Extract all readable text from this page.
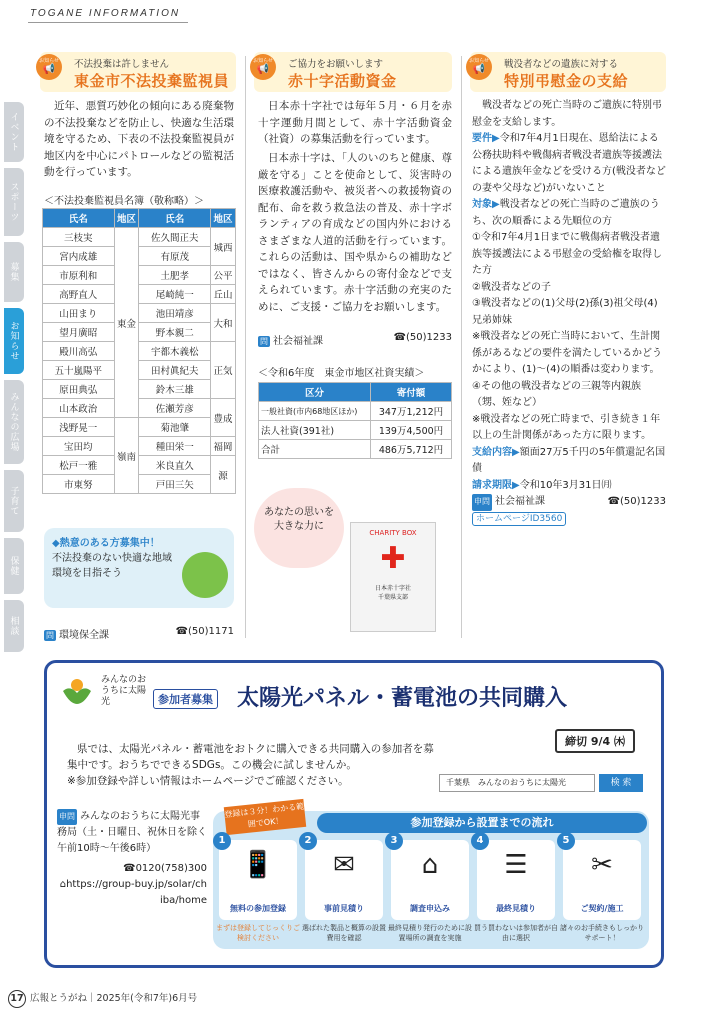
TOGANE INFORMATION
イベント
スポーツ
募集
お知らせ
みんなの広場
子育て
保健
相談
不法投棄は許しません
東金市不法投棄監視員
お知らせ
📢
近年、悪質巧妙化の傾向にある廃棄物の不法投棄などを防止し、快適な生活環境を守るため、下表の不法投棄監視員が地区内を中心にパトロールなどの監視活動を行っています。
＜不法投棄監視員名簿（敬称略）＞
氏名	地区	氏名	地区
三枝実	東金	佐久間正夫	城西
宮内成雄		有原茂	
市原利和		土肥孝	公平
高野直人		尾崎純一	丘山
山田まり		池田靖彦	大和
望月廣昭		野本親二	
殿川高弘		宇都木義松	正気
五十嵐陽平		田村眞紀夫	
原田典弘		鈴木三雄	
山本政治		佐瀬芳彦	豊成
浅野晃一	嶺南	菊池肇	
宝田均		種田栄一	福岡
松戸一雅		米良直久	源
市東努		戸田三矢	
◆熱意のある方募集中！
不法投棄のない快適な地域環境を目指そう
問 環境保全課	☎(50)1171
ご協力をお願いします
赤十字活動資金
お知らせ
📢
日本赤十字社では毎年５月・６月を赤十字運動月間として、赤十字活動資金（社資）の募集活動を行っています。
日本赤十字は、「人のいのちと健康、尊厳を守る」ことを使命として、災害時の医療救護活動や、被災者への救援物資の配布、命を救う救急法の普及、赤十字ボランティアの育成などの国内外におけるさまざまな人道的活動を行っています。これらの活動は、国や県からの補助などではなく、皆さんからの寄付金などで支えられています。赤十字活動の充実のために、ご支援・ご協力をお願いします。
問 社会福祉課	☎(50)1233
＜令和6年度　東金市地区社資実績＞
区分	寄付額
一般社資(市内68地区ほか)	347万1,212円
法人社資(391社)	139万4,500円
合計	486万5,712円
あなたの思いを大きな力に
CHARITY BOX
✚
日本赤十字社
千葉県支部
戦没者などの遺族に対する
特別弔慰金の支給
お知らせ
📢
戦没者などの死亡当時のご遺族に特別弔慰金を支給します。
要件▶令和7年4月1日現在、恩給法による公務扶助料や戦傷病者戦没者遺族等援護法による遺族年金などを受ける方(戦没者などの妻や父母など)がいないこと
対象▶戦没者などの死亡当時のご遺族のうち、次の順番による先順位の方
①令和7年4月1日までに戦傷病者戦没者遺族等援護法による弔慰金の受給権を取得した方
②戦没者などの子
③戦没者などの(1)父母(2)孫(3)祖父母(4)兄弟姉妹
※戦没者などの死亡当時において、生計関係があるなどの要件を満たしているかどうかにより、(1)～(4)の順番は変わります。
④その他の戦没者などの三親等内親族（甥、姪など）
※戦没者などの死亡時まで、引き続き１年以上の生計関係があった方に限ります。
支給内容▶額面27万5千円の5年償還記名国債
請求期限▶令和10年3月31日㈪
申問 社会福祉課	☎(50)1233
ホームページID3560
みんなのおうちに太陽光	参加者募集 太陽光パネル・蓄電池の共同購入
締切 9/4 ㈭
県では、太陽光パネル・蓄電池をおトクに購入できる共同購入の参加者を募集中です。おうちでできるSDGs。この機会に試しませんか。
※参加登録や詳しい情報はホームページでご確認ください。	千葉県　みんなのおうちに太陽光	検 索
申問 みんなのおうちに太陽光事務局（土・日曜日、祝休日を除く午前10時～午後6時）
☎0120(758)300
⌂https://group-buy.jp/solar/chiba/home
登録は３分！わかる範囲でOK！	参加登録から設置までの流れ
1
📱
無料の参加登録
2
✉
事前見積り
3
⌂
調査申込み
4
☰
最終見積り
5
✂
ご契約/施工
まずは登録してじっくりご検討ください
選ばれた製品と概算の設置費用を確認
最終見積り発行のために設置場所の調査を実施
買う買わないは参加者が自由に選択
諸々のお手続きもしっかりサポート！
17 広報とうがね｜2025年(令和7年)6月号
